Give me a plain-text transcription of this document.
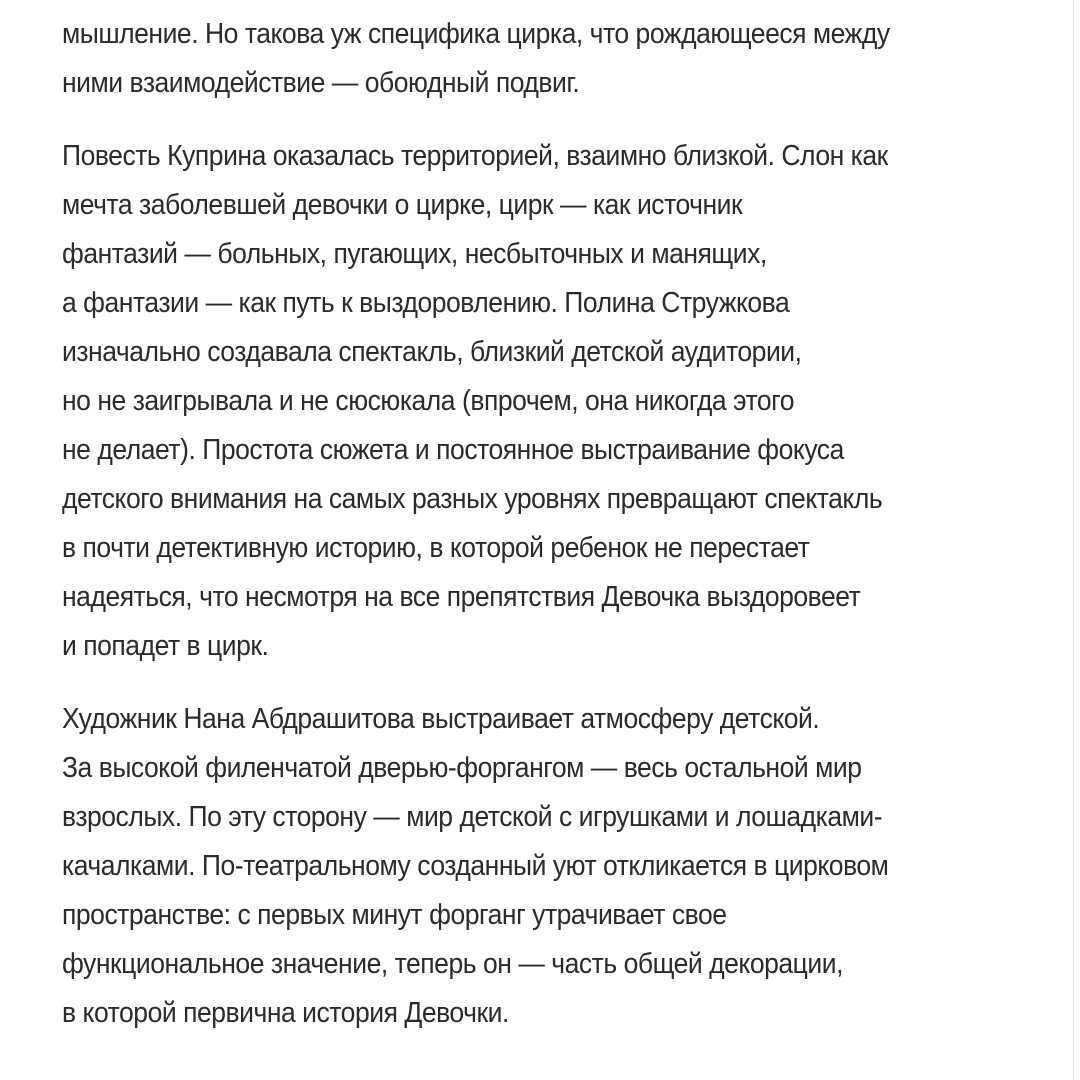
мышление. Но такова уж специфика цирка, что рождающееся между
ними взаимодействие — обоюдный подвиг.
Повесть Куприна оказалась территорией, взаимно близкой. Слон как
мечта заболевшей девочки о цирке, цирк — как источник
фантазий — больных, пугающих, несбыточных и манящих,
а фантазии — как путь к выздоровлению. Полина Стружкова
изначально создавала спектакль, близкий детской аудитории,
но не заигрывала и не сюсюкала (впрочем, она никогда этого
не делает). Простота сюжета и постоянное выстраивание фокуса
детского внимания на самых разных уровнях превращают спектакль
в почти детективную историю, в которой ребенок не перестает
надеяться, что несмотря на все препятствия Девочка выздоровеет
и попадет в цирк.
Художник Нана Абдрашитова выстраивает атмосферу детской.
За высокой филенчатой дверью-форгангом — весь остальной мир
взрослых. По эту сторону — мир детской с игрушками и лошадками-
качалками. По-театральному созданный уют откликается в цирковом
пространстве: с первых минут форганг утрачивает свое
функциональное значение, теперь он — часть общей декорации,
в которой первична история Девочки.
